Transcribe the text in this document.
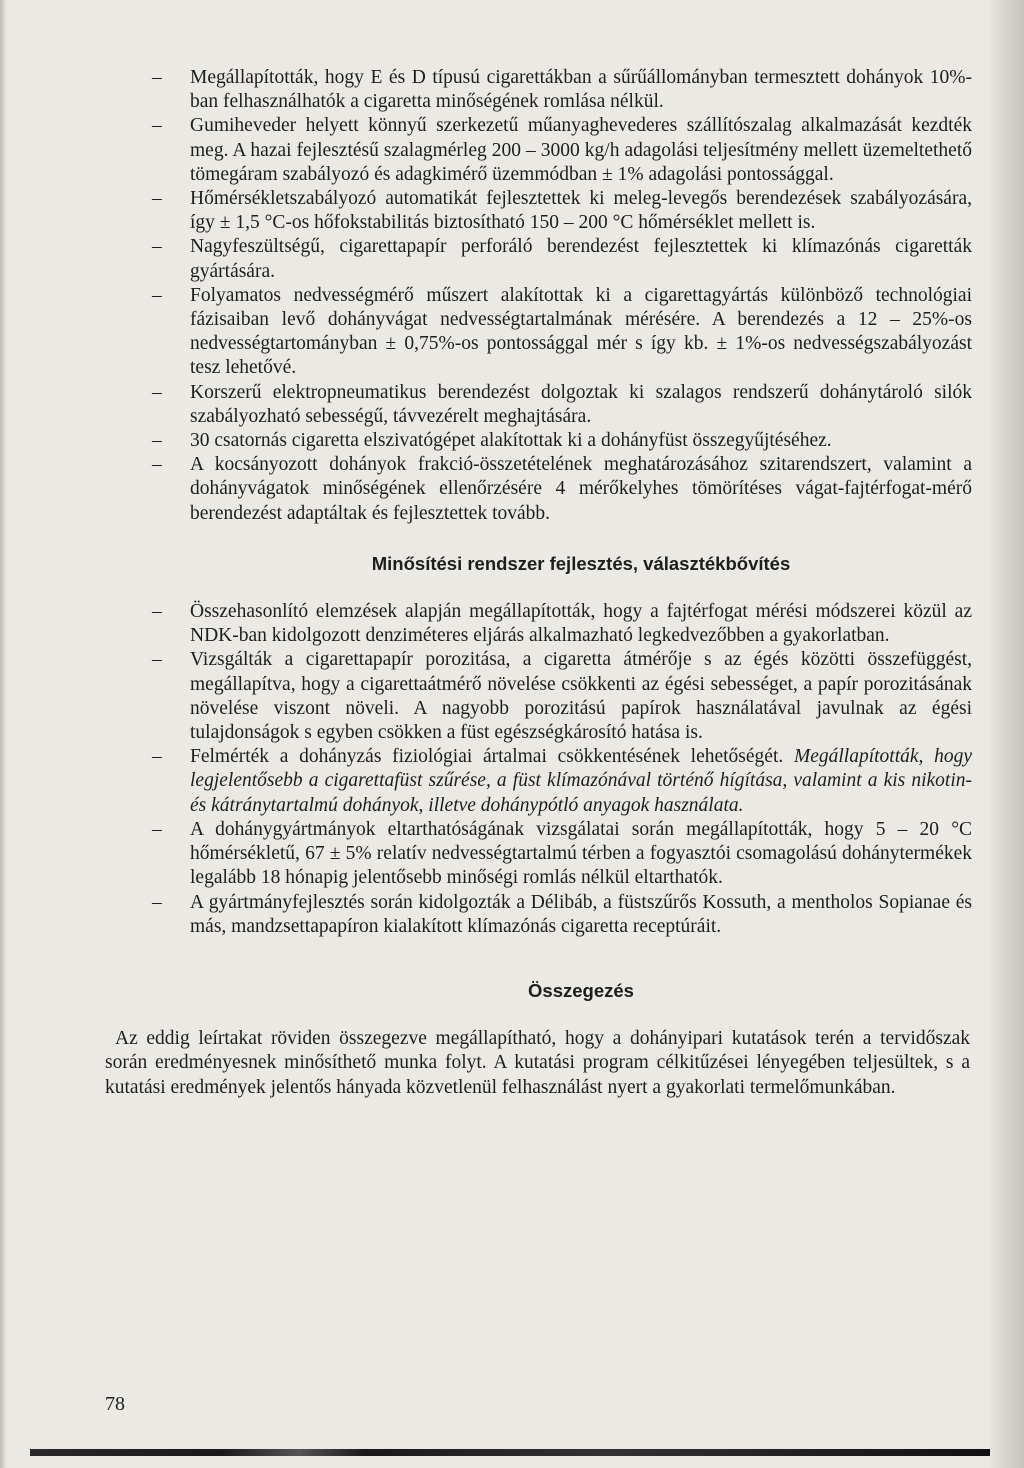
– Megállapították, hogy E és D típusú cigarettákban a sűrűállományban termesztett dohányok 10%-ban felhasználhatók a cigaretta minőségének romlása nélkül.
– Gumiheveder helyett könnyű szerkezetű műanyaghevederes szállítószalag alkalmazását kezdték meg. A hazai fejlesztésű szalagmérleg 200 – 3000 kg/h adagolási teljesítmény mellett üzemeltethető tömegáram szabályozó és adagkimérő üzemmódban ± 1% adagolási pontossággal.
– Hőmérsékletszabályozó automatikát fejlesztettek ki meleg-levegős berendezések szabályozására, így ± 1,5 °C-os hőfokstabilitás biztosítható 150 – 200 °C hőmérséklet mellett is.
– Nagyfeszültségű, cigarettapapír perforáló berendezést fejlesztettek ki klímazónás cigaretták gyártására.
– Folyamatos nedvességmérő műszert alakítottak ki a cigarettagyártás különböző technológiai fázisaiban levő dohányvágat nedvességtartalmának mérésére. A berendezés a 12 – 25%-os nedvességtartományban ± 0,75%-os pontossággal mér s így kb. ± 1%-os nedvességszabályozást tesz lehetővé.
– Korszerű elektropneumatikus berendezést dolgoztak ki szalagos rendszerű dohánytároló silók szabályozható sebességű, távvezérelt meghajtására.
– 30 csatornás cigaretta elszivatógépet alakítottak ki a dohányfüst összegyűjtéséhez.
– A kocsányozott dohányok frakció-összetételének meghatározásához szitarendszert, valamint a dohányvágatok minőségének ellenőrzésére 4 mérőkelyhes tömörítéses vágat-fajtérfogat-mérő berendezést adaptáltak és fejlesztettek tovább.
Minősítési rendszer fejlesztés, választékbővítés
– Összehasonlító elemzések alapján megállapították, hogy a fajtérfogat mérési módszerei közül az NDK-ban kidolgozott denziméteres eljárás alkalmazható legkedvezőbben a gyakorlatban.
– Vizsgálták a cigarettapapír porozitása, a cigaretta átmérője s az égés közötti összefüggést, megállapítva, hogy a cigarettaátmérő növelése csökkenti az égési sebességet, a papír porozitásának növelése viszont növeli. A nagyobb porozitású papírok használatával javulnak az égési tulajdonságok s egyben csökken a füst egészségkárosító hatása is.
– Felmérték a dohányzás fiziológiai ártalmai csökkentésének lehetőségét. Megállapították, hogy legjelentősebb a cigarettafüst szűrése, a füst klímazónával történő hígítása, valamint a kis nikotin- és kátránytartalmú dohányok, illetve dohánypótló anyagok használata.
– A dohánygyártmányok eltarthatóságának vizsgálatai során megállapították, hogy 5 – 20 °C hőmérsékletű, 67 ± 5% relatív nedvességtartalmú térben a fogyasztói csomagolású dohánytermékek legalább 18 hónapig jelentősebb minőségi romlás nélkül eltarthatók.
– A gyártmányfejlesztés során kidolgozták a Délibáb, a füstszűrős Kossuth, a mentholos Sopianae és más, mandzsettapapíron kialakított klímazónás cigaretta receptúráit.
Összegezés

Az eddig leírtakat röviden összegezve megállapítható, hogy a dohányipari kutatások terén a tervidőszak során eredményesnek minősíthető munka folyt. A kutatási program célkitűzései lényegében teljesültek, s a kutatási eredmények jelentős hányada közvetlenül felhasználást nyert a gyakorlati termelőmunkában.

78
